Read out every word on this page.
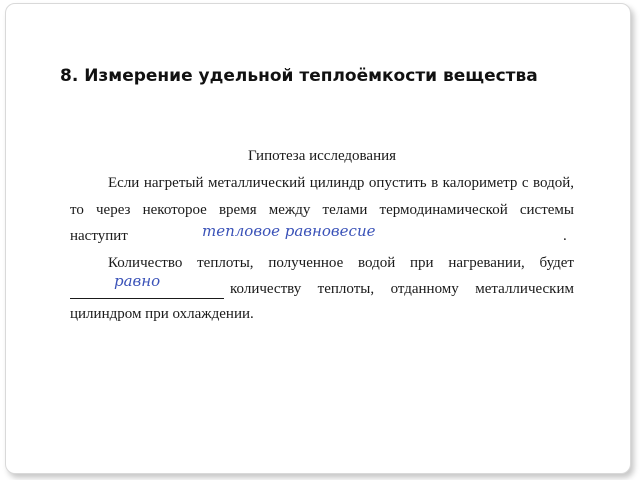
8. Измерение удельной теплоёмкости вещества
Гипотеза исследования
Если нагретый металлический цилиндр опустить в калориметр с водой,
то через некоторое время между телами термодинамической системы
наступит	.
Количество теплоты, полученное водой при нагревании, будет

количеству теплоты, отданному металлическим
цилиндром при охлаждении.
тепловое равновесие
равно
